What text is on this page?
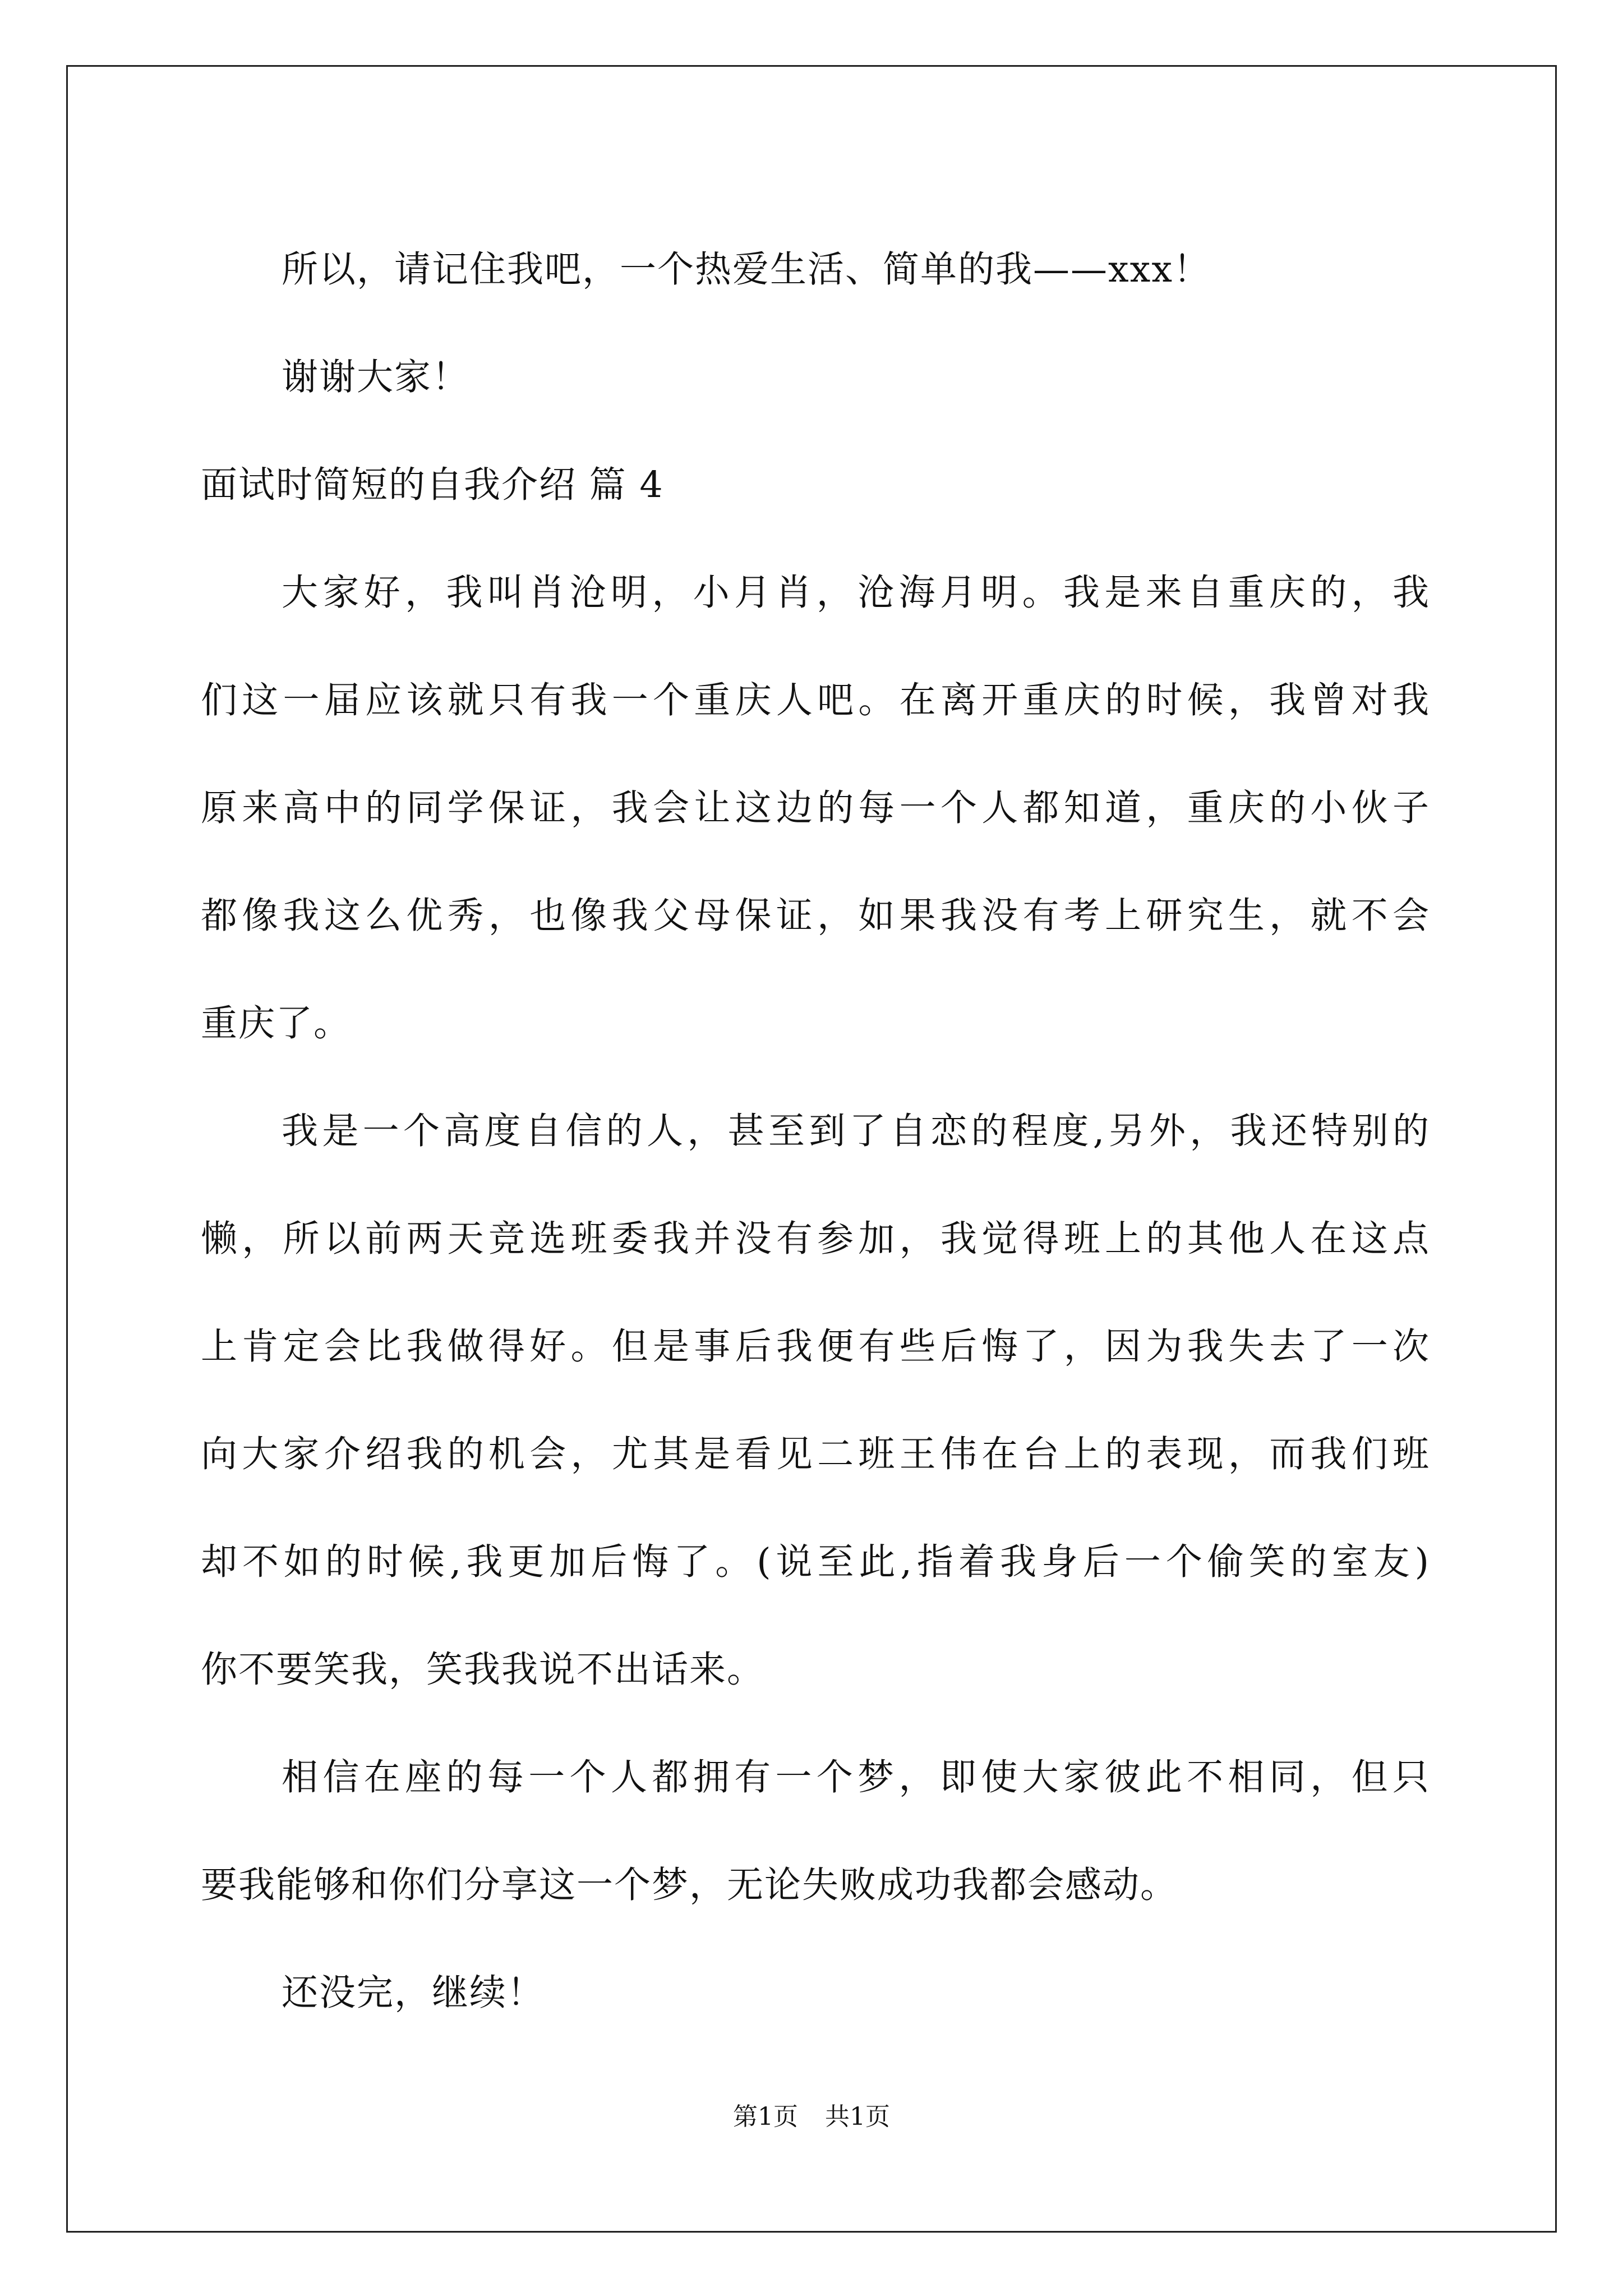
所以，请记住我吧，一个热爱生活、简单的我——xxx！
谢谢大家！
面试时简短的自我介绍 篇 4
大家好，我叫肖沧明，小月肖，沧海月明。我是来自重庆的，我
们这一届应该就只有我一个重庆人吧。在离开重庆的时候，我曾对我
原来高中的同学保证，我会让这边的每一个人都知道，重庆的小伙子
都像我这么优秀，也像我父母保证，如果我没有考上研究生，就不会
重庆了。
我是一个高度自信的人，甚至到了自恋的程度,另外，我还特别的
懒，所以前两天竞选班委我并没有参加，我觉得班上的其他人在这点
上肯定会比我做得好。但是事后我便有些后悔了，因为我失去了一次
向大家介绍我的机会，尤其是看见二班王伟在台上的表现，而我们班
却不如的时候,我更加后悔了。(说至此,指着我身后一个偷笑的室友)
你不要笑我，笑我我说不出话来。
相信在座的每一个人都拥有一个梦，即使大家彼此不相同，但只
要我能够和你们分享这一个梦，无论失败成功我都会感动。
还没完，继续！
第1页 共1页
